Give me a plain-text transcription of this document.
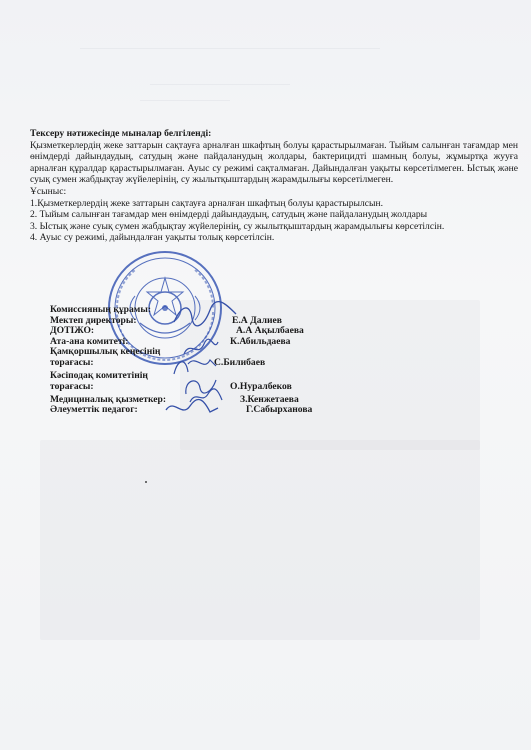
Тексеру нәтижесінде мыналар белгіленді:

Қызметкерлердің жеке заттарын сақтауға арналған шкафтың болуы қарастырылмаған. Тыйым салынған тағамдар мен өнімдерді дайындаудың, сатудың және пайдаланудың жолдары, бактерицидті шамның болуы, жұмыртқа жууға арналған құралдар қарастырылмаған. Ауыс су режимі сақталмаған. Дайындалған уақыты көрсетілмеген. Ыстық және суық сумен жабдықтау жүйелерінің, су жылытқыштардың жарамдылығы көрсетілмеген.

Ұсыныс:

1.Қызметкерлердің жеке заттарын сақтауға арналған шкафтың болуы қарастырылсын.

2. Тыйым салынған тағамдар мен өнімдерді дайындаудың, сатудың және пайдаланудың жолдары

3. Ыстық және суық сумен жабдықтау жүйелерінің, су жылытқыштардың жарамдылығы көрсетілсін.

4. Ауыс су режимі, дайындалған уақыты толық көрсетілсін.

Комиссияның құрамы:
Мектеп директоры:	Е.А Далиев
ДОТІЖО:	А.А Ақылбаева
Ата-ана комитеті:	К.Абильдаева
Қамқоршылық кеңесінің
торағасы:	С.Билибаев
Кәсіподақ комитетінің
торағасы:	О.Нуралбеков
Медициналық қызметкер:	З.Кенжетаева
Әлеуметтік педагог:	Г.Сабырханова
